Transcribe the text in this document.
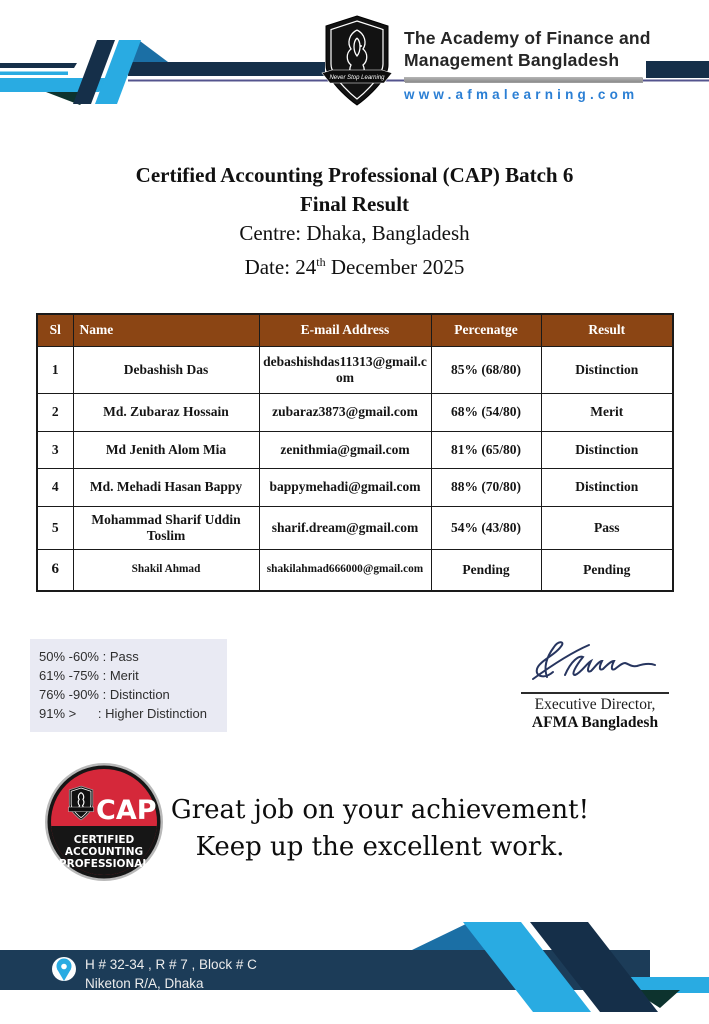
Never Stop Learning
The Academy of Finance and
Management Bangladesh
www.afmalearning.com
Certified Accounting Professional (CAP) Batch 6
Final Result
Centre: Dhaka, Bangladesh
Date: 24th December 2025
Sl	Name	E-mail Address	Percenatge	Result
1	Debashish Das	debashishdas11313@gmail.com	85% (68/80)	Distinction
2	Md. Zubaraz Hossain	zubaraz3873@gmail.com	68% (54/80)	Merit
3	Md Jenith Alom Mia	zenithmia@gmail.com	81% (65/80)	Distinction
4	Md. Mehadi Hasan Bappy	bappymehadi@gmail.com	88% (70/80)	Distinction
5	Mohammad Sharif Uddin Toslim	sharif.dream@gmail.com	54% (43/80)	Pass
6	Shakil Ahmad	shakilahmad666000@gmail.com	Pending	Pending
50% -60% : Pass
61% -75% : Merit
76% -90% : Distinction
91% >      : Higher Distinction
Executive Director,
AFMA Bangladesh
CAP
CERTIFIED
ACCOUNTING
PROFESSIONAL
Great job on your achievement!
Keep up the excellent work.
H # 32-34 , R # 7 , Block # C
Niketon R/A, Dhaka
